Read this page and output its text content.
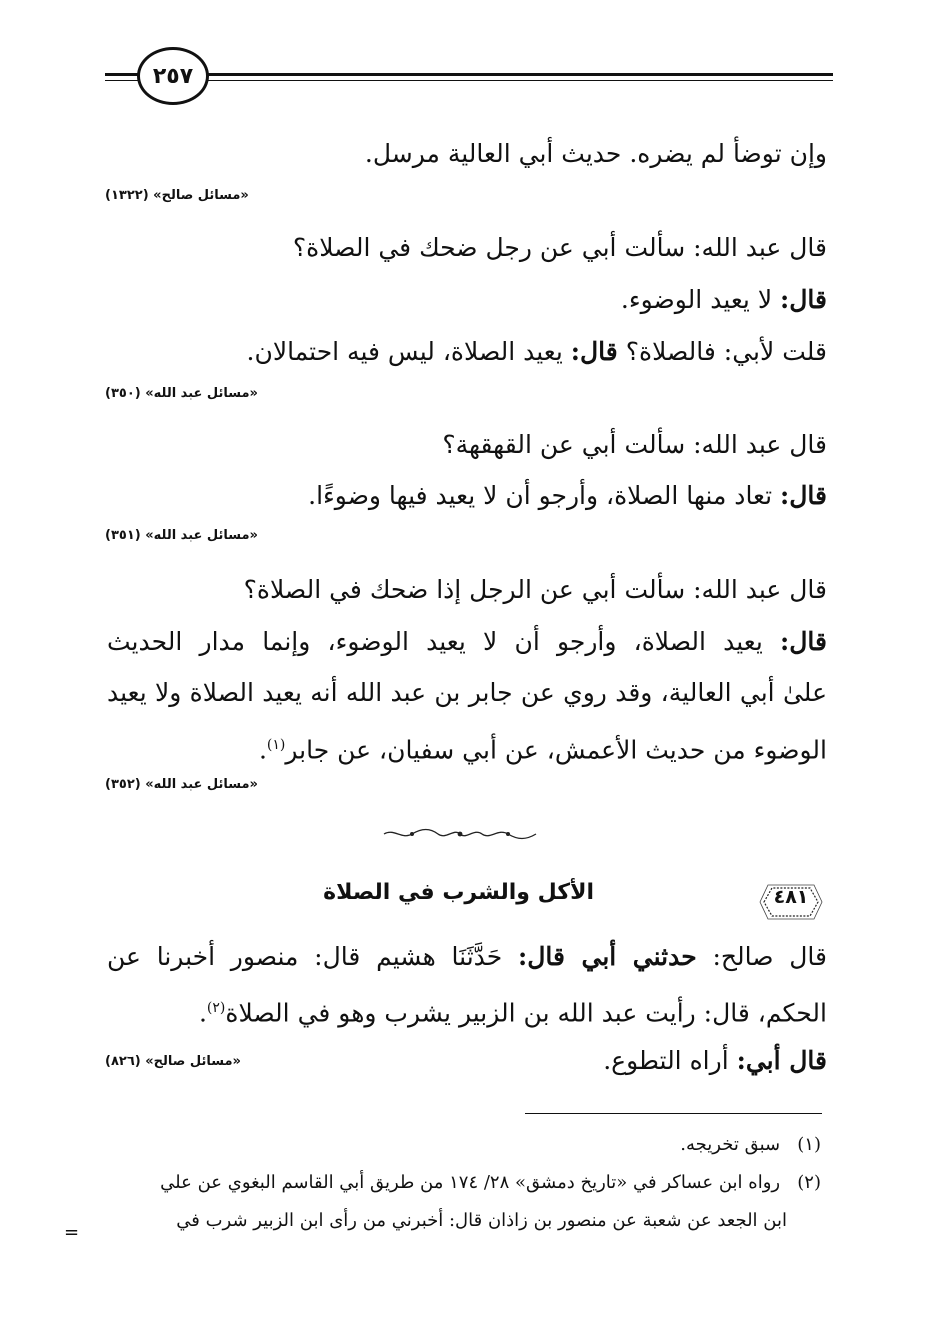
٢٥٧
وإن توضأ لم يضره. حديث أبي العالية مرسل.
«مسائل صالح» (١٣٢٢)
قال عبد الله: سألت أبي عن رجل ضحك في الصلاة؟
قال: لا يعيد الوضوء.
قلت لأبي: فالصلاة؟ قال: يعيد الصلاة، ليس فيه احتمالان.
«مسائل عبد الله» (٣٥٠)
قال عبد الله: سألت أبي عن القهقهة؟
قال: تعاد منها الصلاة، وأرجو أن لا يعيد فيها وضوءًا.
«مسائل عبد الله» (٣٥١)
قال عبد الله: سألت أبي عن الرجل إذا ضحك في الصلاة؟
قال: يعيد الصلاة، وأرجو أن لا يعيد الوضوء، وإنما مدار الحديث
علىٰ أبي العالية، وقد روي عن جابر بن عبد الله أنه يعيد الصلاة ولا يعيد
الوضوء من حديث الأعمش، عن أبي سفيان، عن جابر$^{(١)}$.
«مسائل عبد الله» (٣٥٢)
٤٨١
الأكل والشرب في الصلاة
قال صالح: حدثني أبي قال: حَدَّثَنَا هشيم قال: منصور أخبرنا عن
الحكم، قال: رأيت عبد الله بن الزبير يشرب وهو في الصلاة$^{(٢)}$.
قال أبي: أراه التطوع.
«مسائل صالح» (٨٢٦)
(١)   سبق تخريجه.
(٢)   رواه ابن عساكر في «تاريخ دمشق» ٢٨/ ١٧٤ من طريق أبي القاسم البغوي عن علي
ابن الجعد عن شعبة عن منصور بن زاذان قال: أخبرني من رأى ابن الزبير شرب في
=
